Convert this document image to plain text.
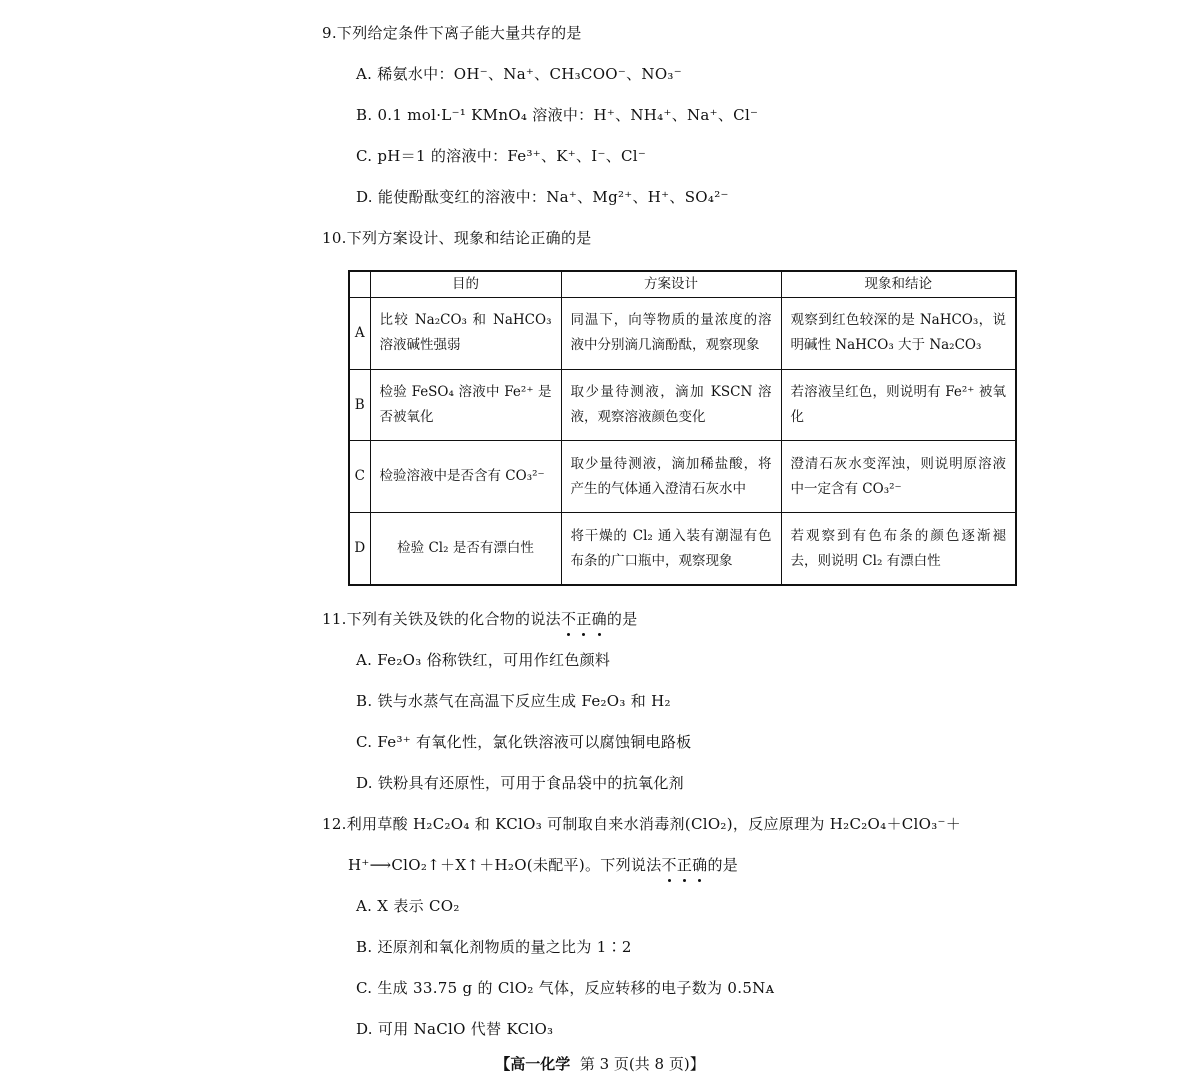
9.下列给定条件下离子能大量共存的是
A. 稀氨水中：OH⁻、Na⁺、CH₃COO⁻、NO₃⁻
B. 0.1 mol·L⁻¹ KMnO₄ 溶液中：H⁺、NH₄⁺、Na⁺、Cl⁻
C. pH＝1 的溶液中：Fe³⁺、K⁺、I⁻、Cl⁻
D. 能使酚酞变红的溶液中：Na⁺、Mg²⁺、H⁺、SO₄²⁻
10.下列方案设计、现象和结论正确的是
	目的	方案设计	现象和结论
A	比较 Na₂CO₃ 和 NaHCO₃ 溶液碱性强弱	同温下，向等物质的量浓度的溶液中分别滴几滴酚酞，观察现象	观察到红色较深的是 NaHCO₃，说明碱性 NaHCO₃ 大于 Na₂CO₃
B	检验 FeSO₄ 溶液中 Fe²⁺ 是否被氧化	取少量待测液，滴加 KSCN 溶液，观察溶液颜色变化	若溶液呈红色，则说明有 Fe²⁺ 被氧化
C	检验溶液中是否含有 CO₃²⁻	取少量待测液，滴加稀盐酸，将产生的气体通入澄清石灰水中	澄清石灰水变浑浊，则说明原溶液中一定含有 CO₃²⁻
D	检验 Cl₂ 是否有漂白性	将干燥的 Cl₂ 通入装有潮湿有色布条的广口瓶中，观察现象	若观察到有色布条的颜色逐渐褪去，则说明 Cl₂ 有漂白性
11.下列有关铁及铁的化合物的说法不正确的是
A. Fe₂O₃ 俗称铁红，可用作红色颜料
B. 铁与水蒸气在高温下反应生成 Fe₂O₃ 和 H₂
C. Fe³⁺ 有氧化性，氯化铁溶液可以腐蚀铜电路板
D. 铁粉具有还原性，可用于食品袋中的抗氧化剂
12.利用草酸 H₂C₂O₄ 和 KClO₃ 可制取自来水消毒剂(ClO₂)，反应原理为 H₂C₂O₄＋ClO₃⁻＋
H⁺⟶ClO₂↑＋X↑＋H₂O(未配平)。下列说法不正确的是
A. X 表示 CO₂
B. 还原剂和氧化剂物质的量之比为 1∶2
C. 生成 33.75 g 的 ClO₂ 气体，反应转移的电子数为 0.5Nᴀ
D. 可用 NaClO 代替 KClO₃
【高一化学 第 3 页(共 8 页)】
